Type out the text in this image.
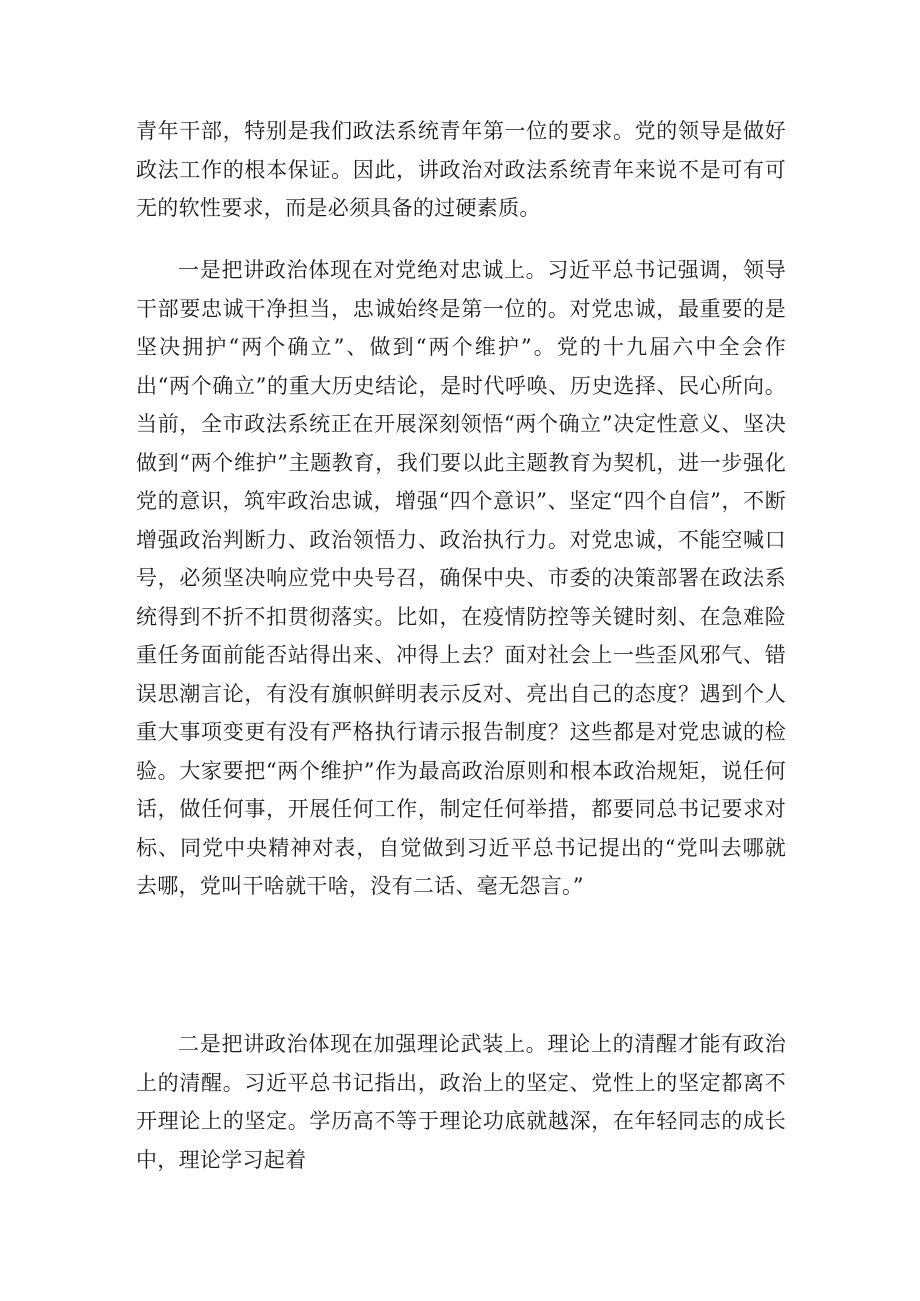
青年干部，特别是我们政法系统青年第一位的要求。党的领导是做好政法工作的根本保证。因此，讲政治对政法系统青年来说不是可有可无的软性要求，而是必须具备的过硬素质。

一是把讲政治体现在对党绝对忠诚上。习近平总书记强调，领导干部要忠诚干净担当，忠诚始终是第一位的。对党忠诚，最重要的是坚决拥护“两个确立”、做到“两个维护”。党的十九届六中全会作出“两个确立”的重大历史结论，是时代呼唤、历史选择、民心所向。当前，全市政法系统正在开展深刻领悟“两个确立”决定性意义、坚决做到“两个维护”主题教育，我们要以此主题教育为契机，进一步强化党的意识，筑牢政治忠诚，增强“四个意识”、坚定“四个自信”，不断增强政治判断力、政治领悟力、政治执行力。对党忠诚，不能空喊口号，必须坚决响应党中央号召，确保中央、市委的决策部署在政法系统得到不折不扣贯彻落实。比如，在疫情防控等关键时刻、在急难险重任务面前能否站得出来、冲得上去？面对社会上一些歪风邪气、错误思潮言论，有没有旗帜鲜明表示反对、亮出自己的态度？遇到个人重大事项变更有没有严格执行请示报告制度？这些都是对党忠诚的检验。大家要把“两个维护”作为最高政治原则和根本政治规矩，说任何话，做任何事，开展任何工作，制定任何举措，都要同总书记要求对标、同党中央精神对表，自觉做到习近平总书记提出的“党叫去哪就去哪，党叫干啥就干啥，没有二话、毫无怨言。”

二是把讲政治体现在加强理论武装上。理论上的清醒才能有政治上的清醒。习近平总书记指出，政治上的坚定、党性上的坚定都离不开理论上的坚定。学历高不等于理论功底就越深，在年轻同志的成长中，理论学习起着
